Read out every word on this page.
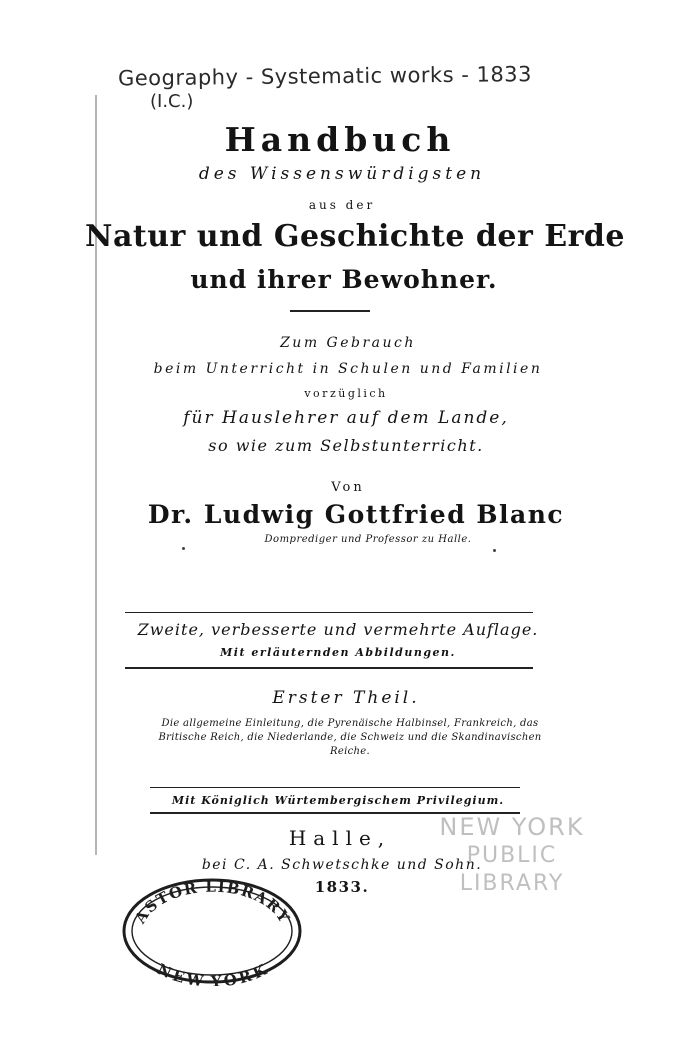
Geography - Systematic works - 1833
(I.C.)
Handbuch
des Wissenswürdigsten
aus der
Natur und Geschichte der Erde
und ihrer Bewohner.
Zum Gebrauch
beim Unterricht in Schulen und Familien
vorzüglich
für Hauslehrer auf dem Lande,
so wie zum Selbstunterricht.
Von
Dr. Ludwig Gottfried Blanc
Domprediger und Professor zu Halle.
Zweite, verbesserte und vermehrte Auflage.
Mit erläuternden Abbildungen.
Erster Theil.
Die allgemeine Einleitung, die Pyrenäische Halbinsel, Frankreich, das
Britische Reich, die Niederlande, die Schweiz und die Skandinavischen
Reiche.
Mit Königlich Würtembergischem Privilegium.
Halle,
bei C. A. Schwetschke und Sohn.
1833.
NEW YORK
PUBLIC
LIBRARY
ASTOR LIBRARY
NEW-YORK
